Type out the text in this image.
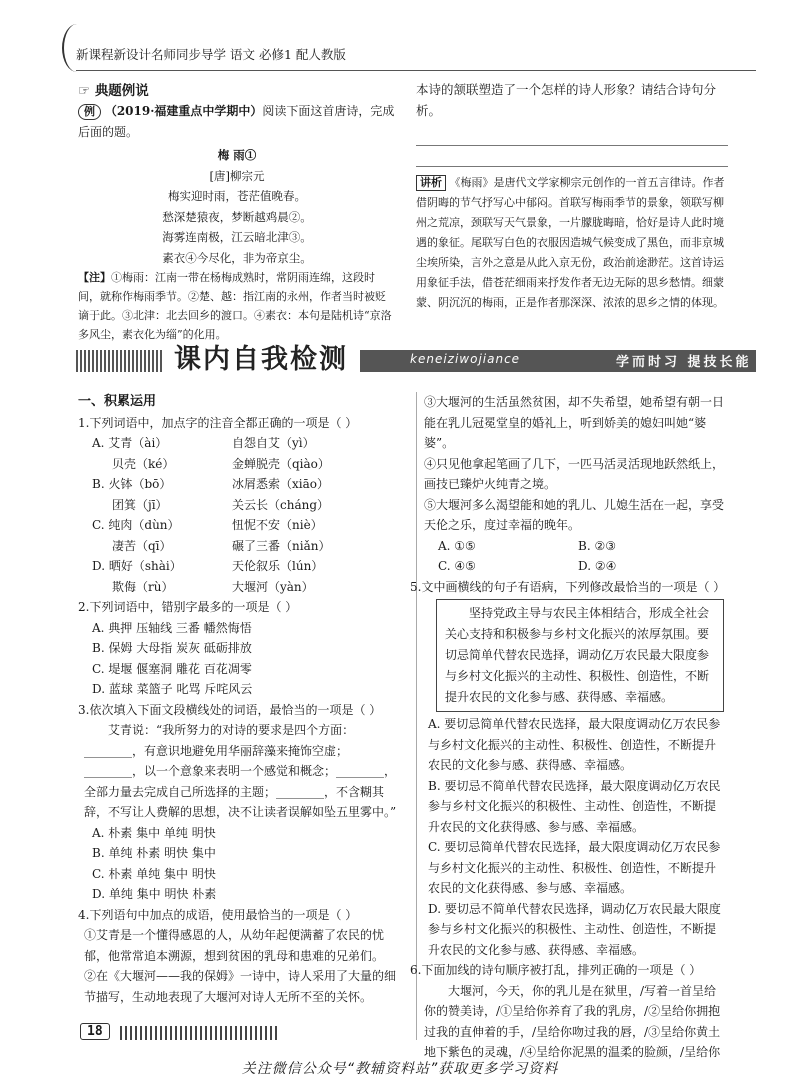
新课程新设计名师同步导学 语文 必修1 配人教版
☞ 典题例说

例 （2019·福建重点中学期中）阅读下面这首唐诗，完成后面的题。

梅 雨①
[唐]柳宗元
梅实迎时雨，苍茫值晚春。
愁深楚猿夜，梦断越鸡晨②。
海雾连南极，江云暗北津③。
素衣④今尽化，非为帝京尘。

【注】①梅雨：江南一带在杨梅成熟时，常阴雨连绵，这段时间，就称作梅雨季节。②楚、越：指江南的永州，作者当时被贬谪于此。③北津：北去回乡的渡口。④素衣：本句是陆机诗“京洛多风尘，素衣化为缁”的化用。

本诗的颔联塑造了一个怎样的诗人形象？请结合诗句分析。

讲析 《梅雨》是唐代文学家柳宗元创作的一首五言律诗。作者借阴晦的节气抒写心中郁闷。首联写梅雨季节的景象，领联写柳州之荒凉，颈联写天气景象，一片朦胧晦暗，恰好是诗人此时境遇的象征。尾联写白色的衣服因造城气候变成了黑色，而非京城尘埃所染，言外之意是从此入京无份，政治前途渺茫。这首诗运用象征手法，借苍茫细雨来抒发作者无边无际的思乡愁情。细蒙蒙、阴沉沉的梅雨，正是作者那深深、浓浓的思乡之情的体现。

课内自我检测	keneiziwojiance	学而时习 提技长能

一、积累运用

1.下列词语中，加点字的注音全都正确的一项是（ ）

A. 艾青（ài）	自怨自艾（yì）
贝壳（ké）	金蝉脱壳（qiào）
B. 火钵（bō）	冰屑悉索（xiāo）
团箕（jī）	关云长（cháng）
C. 纯肉（dùn）	忸怩不安（niè）
凄苦（qī）	碾了三番（niǎn）
D. 晒好（shài）	天伦叙乐（lún）
欺侮（rù）	大堰河（yàn）

2.下列词语中，错别字最多的一项是（ ）

A. 典押 压轴线 三番 幡然悔悟

B. 保姆 大母指 炭灰 砥砺排放

C. 堤堰 偃塞洞 雕花 百花凋零

D. 蓝球 菜篮子 叱骂 斥咤风云

3.依次填入下面文段横线处的词语，最恰当的一项是（ ）

艾青说：“我所努力的对诗的要求是四个方面：________，有意识地避免用华丽辞藻来掩饰空虚；________，以一个意象来表明一个感觉和概念；________，全部力量去完成自己所选择的主题；________，不含糊其辞，不写让人费解的思想，决不让读者误解如坠五里雾中。”

A. 朴素 集中 单纯 明快

B. 单纯 朴素 明快 集中

C. 朴素 单纯 集中 明快

D. 单纯 集中 明快 朴素

4.下列语句中加点的成语，使用最恰当的一项是（ ）

①艾青是一个懂得感恩的人，从幼年起便满蓄了农民的忧郁，他常常追本溯源，想到贫困的乳母和患难的兄弟们。

②在《大堰河——我的保姆》一诗中，诗人采用了大量的细节描写，生动地表现了大堰河对诗人无所不至的关怀。

③大堰河的生活虽然贫困，却不失希望，她希望有朝一日能在乳儿冠冕堂皇的婚礼上，听到娇美的媳妇叫她“婆婆”。

④只见他拿起笔画了几下，一匹马活灵活现地跃然纸上，画技已臻炉火纯青之境。

⑤大堰河多么渴望能和她的乳儿、儿媳生活在一起，享受天伦之乐，度过幸福的晚年。

A. ①⑤	B. ②③
C. ④⑤	D. ②④

5.文中画横线的句子有语病，下列修改最恰当的一项是（ ）

坚持党政主导与农民主体相结合，形成全社会关心支持和积极参与乡村文化振兴的浓厚氛围。要切忌简单代替农民选择，调动亿万农民最大限度参与乡村文化振兴的主动性、积极性、创造性，不断提升农民的文化参与感、获得感、幸福感。

A. 要切忌简单代替农民选择，最大限度调动亿万农民参与乡村文化振兴的主动性、积极性、创造性，不断提升农民的文化参与感、获得感、幸福感。

B. 要切忌不简单代替农民选择，最大限度调动亿万农民参与乡村文化振兴的积极性、主动性、创造性，不断提升农民的文化获得感、参与感、幸福感。

C. 要切忌简单代替农民选择，最大限度调动亿万农民参与乡村文化振兴的主动性、积极性、创造性，不断提升农民的文化获得感、参与感、幸福感。

D. 要切忌不简单代替农民选择，调动亿万农民最大限度参与乡村文化振兴的积极性、主动性、创造性，不断提升农民的文化参与感、获得感、幸福感。

6.下面加线的诗句顺序被打乱，排列正确的一项是（ ）

大堰河，今天，你的乳儿是在狱里，/写着一首呈给你的赞美诗，/①呈给你养育了我的乳房，/②呈给你拥抱过我的直伸着的手，/呈给你吻过我的唇，/③呈给你黄土地下紫色的灵魂，/④呈给你泥黑的温柔的脸颜，/呈给你

18
关注微信公众号“教辅资料站”获取更多学习资料
